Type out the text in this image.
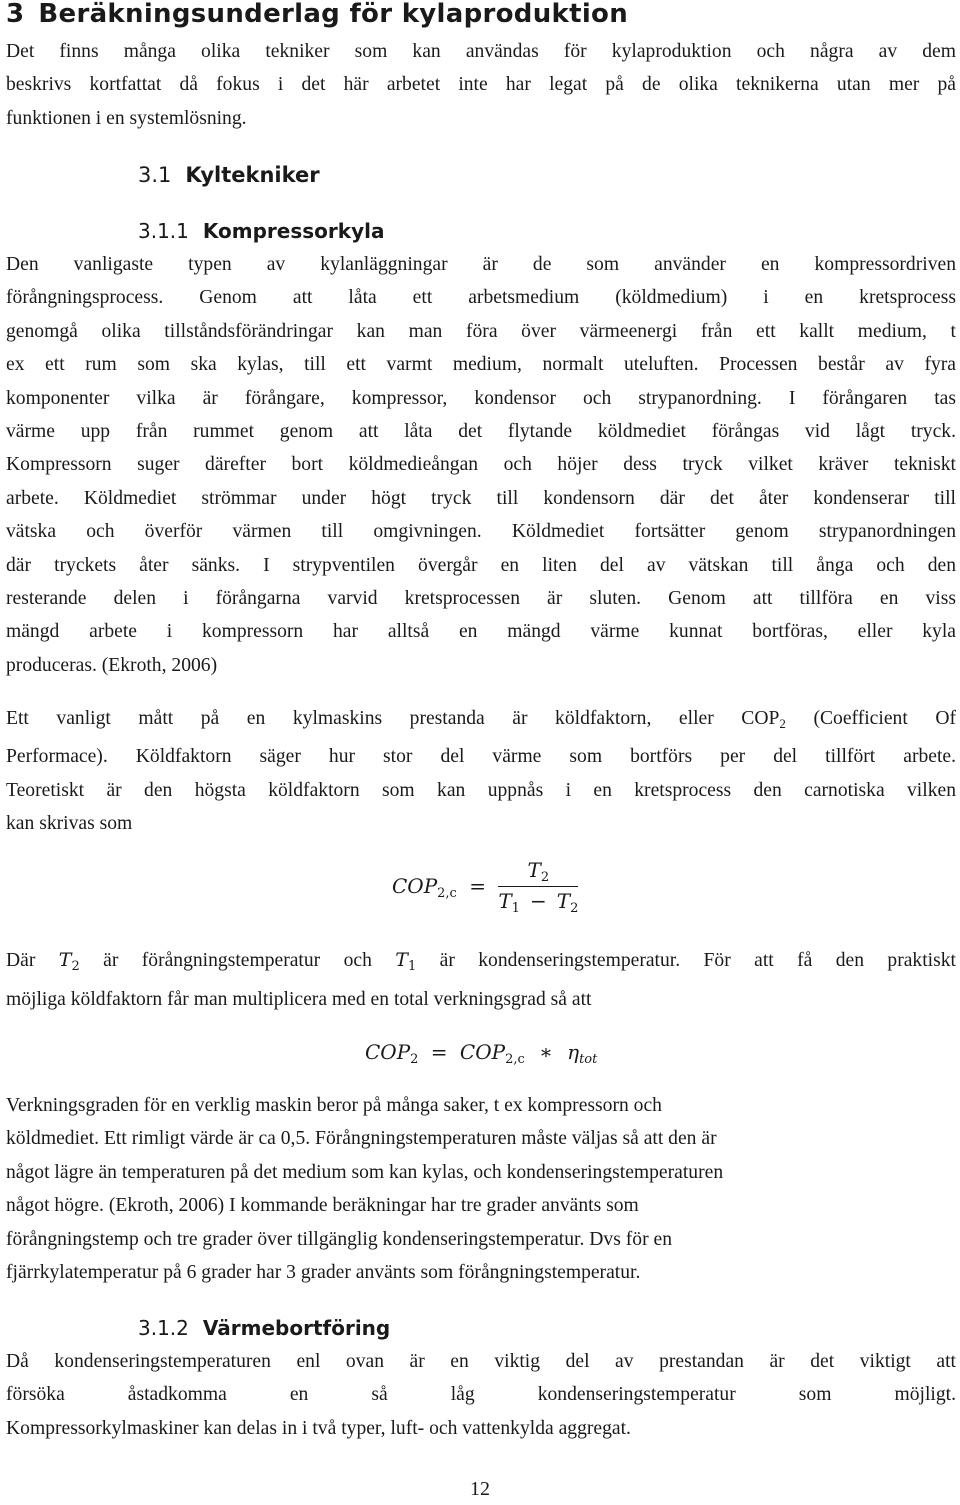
3 Beräkningsunderlag för kylaproduktion
Det finns många olika tekniker som kan användas för kylaproduktion och några av dem
beskrivs kortfattat då fokus i det här arbetet inte har legat på de olika teknikerna utan mer på
funktionen i en systemlösning.
3.1 Kyltekniker
3.1.1 Kompressorkyla
Den vanligaste typen av kylanläggningar är de som använder en kompressordriven
förångningsprocess. Genom att låta ett arbetsmedium (köldmedium) i en kretsprocess
genomgå olika tillståndsförändringar kan man föra över värmeenergi från ett kallt medium, t
ex ett rum som ska kylas, till ett varmt medium, normalt uteluften. Processen består av fyra
komponenter vilka är förångare, kompressor, kondensor och strypanordning. I förångaren tas
värme upp från rummet genom att låta det flytande köldmediet förångas vid lågt tryck.
Kompressorn suger därefter bort köldmedieångan och höjer dess tryck vilket kräver tekniskt
arbete. Köldmediet strömmar under högt tryck till kondensorn där det åter kondenserar till
vätska och överför värmen till omgivningen. Köldmediet fortsätter genom strypanordningen
där tryckets åter sänks. I strypventilen övergår en liten del av vätskan till ånga och den
resterande delen i förångarna varvid kretsprocessen är sluten. Genom att tillföra en viss
mängd arbete i kompressorn har alltså en mängd värme kunnat bortföras, eller kyla
produceras. (Ekroth, 2006)
Ett vanligt mått på en kylmaskins prestanda är köldfaktorn, eller $COP_2$ (Coefficient Of
Performace). Köldfaktorn säger hur stor del värme som bortförs per del tillfört arbete.
Teoretiskt är den högsta köldfaktorn som kan uppnås i en kretsprocess den carnotiska vilken
kan skrivas som
$COP_{2,c} = \frac{T_2}{T_1 - T_2}$
Där $T_2$ är förångningstemperatur och $T_1$ är kondenseringstemperatur. För att få den praktiskt
möjliga köldfaktorn får man multiplicera med en total verkningsgrad så att
$COP_2 = COP_{2,c}$ ∗ $\eta_{tot}$
Verkningsgraden för en verklig maskin beror på många saker, t ex kompressorn och
köldmediet. Ett rimligt värde är ca 0,5. Förångningstemperaturen måste väljas så att den är
något lägre än temperaturen på det medium som kan kylas, och kondenseringstemperaturen
något högre. (Ekroth, 2006) I kommande beräkningar har tre grader använts som
förångningstemp och tre grader över tillgänglig kondenseringstemperatur. Dvs för en
fjärrkylatemperatur på 6 grader har 3 grader använts som förångningstemperatur.
3.1.2 Värmebortföring
Då kondenseringstemperaturen enl ovan är en viktig del av prestandan är det viktigt att
försöka åstadkomma en så låg kondenseringstemperatur som möjligt.
Kompressorkylmaskiner kan delas in i två typer, luft- och vattenkylda aggregat.
12
